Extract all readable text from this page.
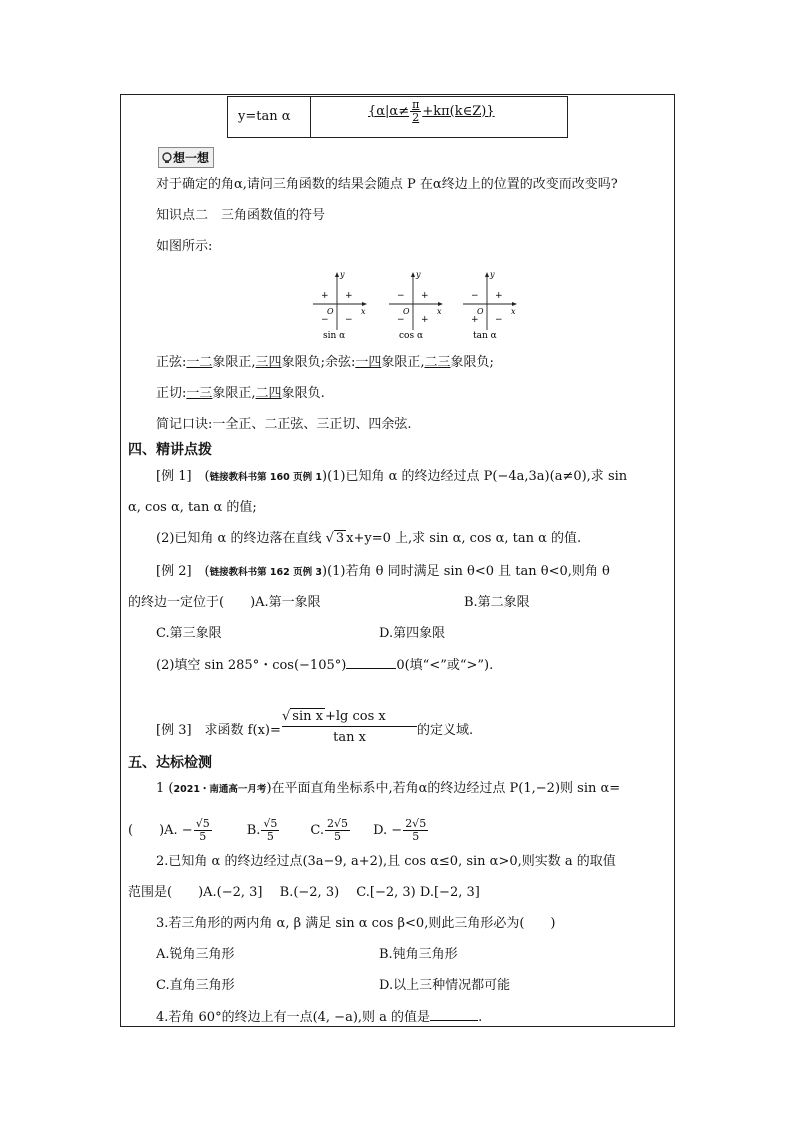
y=tan α	{$\alpha|\alpha\ne \frac{\pi}{2}$ +kπ(k∈Z)}
想一想
对于确定的角α,请问三角函数的结果会随点 P 在α终边上的位置的改变而改变吗?
知识点二　三角函数值的符号
如图所示:
y
x
O
+
+
− −
sin α
y
x
O
+
−
− +
cos α
y
x
O
+
−
+ −
tan α
正弦:一二象限正,三四象限负;余弦:一四象限正,二三象限负;
正切:一三象限正,二四象限负.
简记口诀:一全正、二正弦、三正切、四余弦.
四、精讲点拨
[例 1]　(链接教科书第 160 页例 1)(1)已知角 α 的终边经过点 P(−4a,3a)(a≠0),求 sin
α, cos α, tan α 的值;
(2)已知角 α 的终边落在直线 √ 3 x+y=0 上,求 sin α, cos α, tan α 的值.
[例 2]　(链接教科书第 162 页例 3)(1)若角 θ 同时满足 sin θ<0 且 tan θ<0,则角 θ
的终边一定位于(　　)A.第一象限	B.第二象限
C.第三象限	D.第四象限
(2)填空 sin 285°・cos(−105°)	0(填“<”或“>”).
[例 3]　求函数 $f(x)= \frac{\text{√ sin x +lg cos x}}{\text{tan x}}$ 的定义域.
五、达标检测
1 (2021・南通高一月考)在平面直角坐标系中,若角α的终边经过点 P(1,−2)则 sin α=
(　　)A. − $\frac{√5}{5}$	B. $\frac{√5}{5} C$. $\frac{2√5}{5} D$. − $\frac{2√5}{5}$
2.已知角 α 的终边经过点(3a−9, a+2),且 cos α≤0, sin α>0,则实数 a 的取值
范围是(　　)A.(−2, 3]　 B.(−2, 3)　 C.[−2, 3) D.[−2, 3]
3.若三角形的两内角 α, β 满足 sin α cos β<0,则此三角形必为(　　)
A.锐角三角形	B.钝角三角形
C.直角三角形	D.以上三种情况都可能
4.若角 60°的终边上有一点(4, −a),则 a 的值是	.
